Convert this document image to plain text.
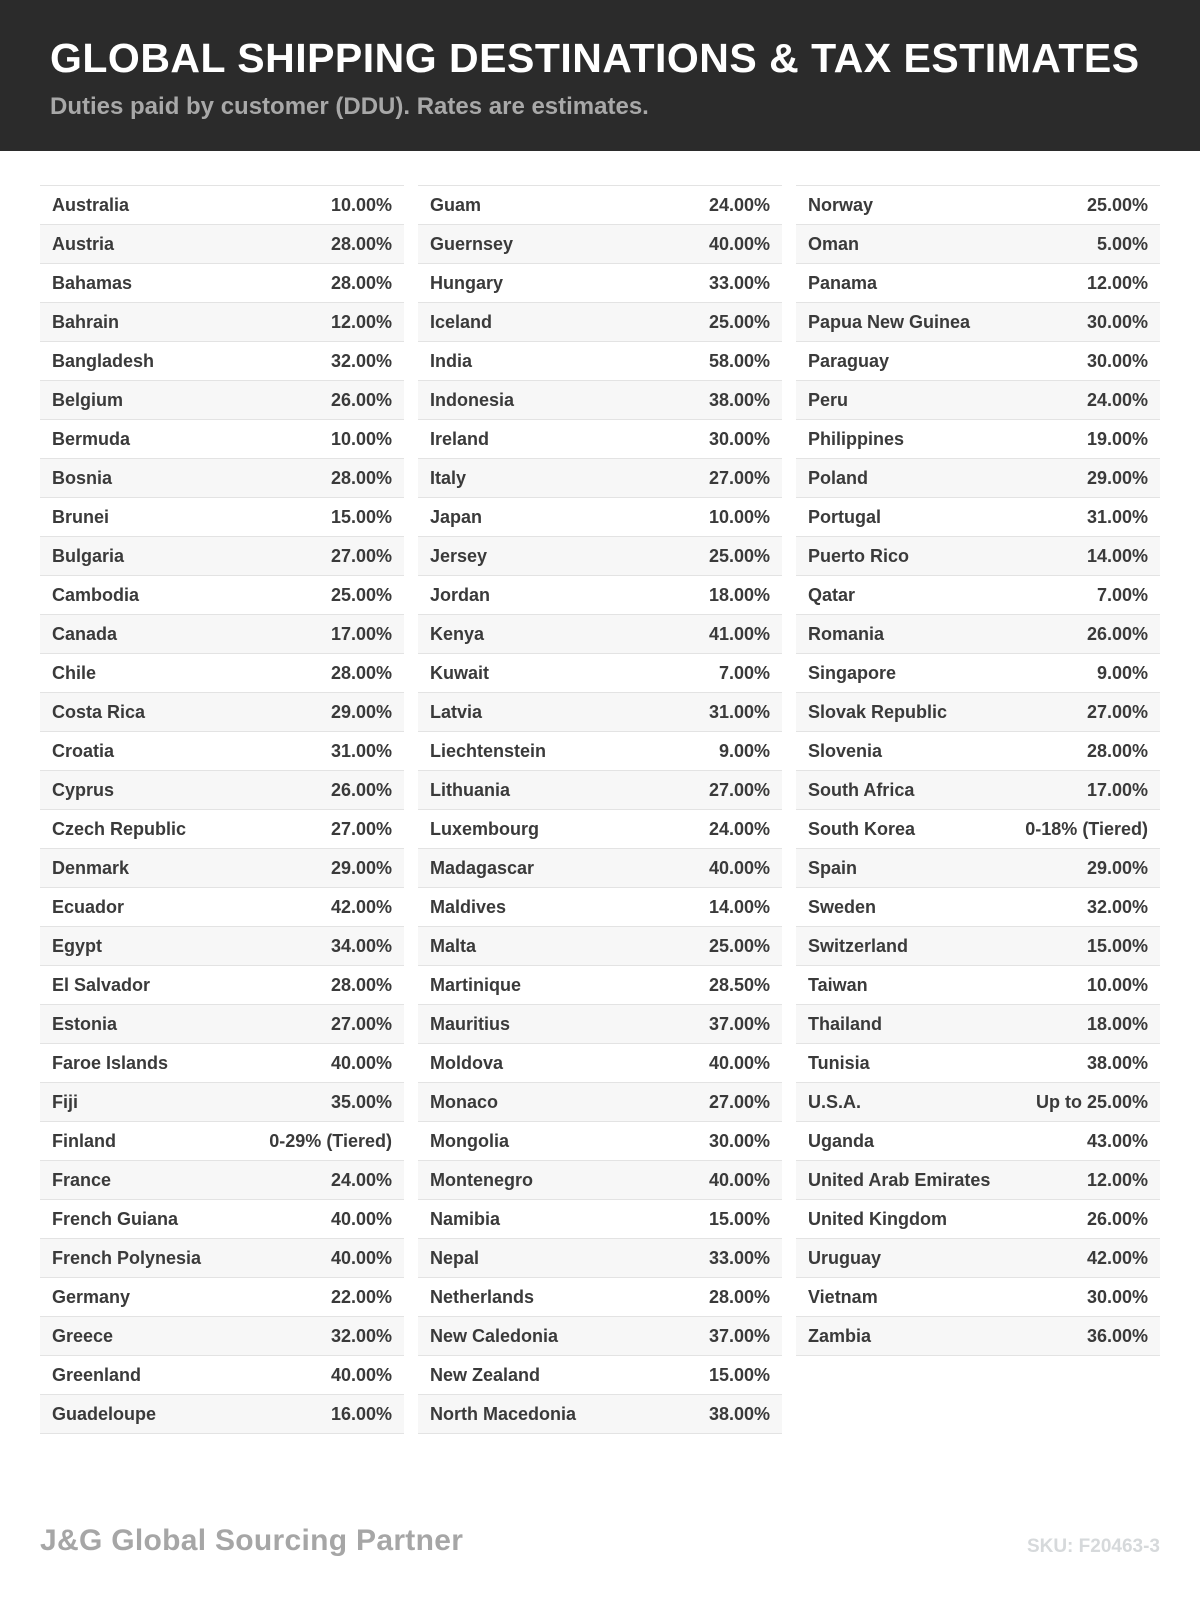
GLOBAL SHIPPING DESTINATIONS & TAX ESTIMATES
Duties paid by customer (DDU). Rates are estimates.
Australia	10.00%
Austria	28.00%
Bahamas	28.00%
Bahrain	12.00%
Bangladesh	32.00%
Belgium	26.00%
Bermuda	10.00%
Bosnia	28.00%
Brunei	15.00%
Bulgaria	27.00%
Cambodia	25.00%
Canada	17.00%
Chile	28.00%
Costa Rica	29.00%
Croatia	31.00%
Cyprus	26.00%
Czech Republic	27.00%
Denmark	29.00%
Ecuador	42.00%
Egypt	34.00%
El Salvador	28.00%
Estonia	27.00%
Faroe Islands	40.00%
Fiji	35.00%
Finland	0-29% (Tiered)
France	24.00%
French Guiana	40.00%
French Polynesia	40.00%
Germany	22.00%
Greece	32.00%
Greenland	40.00%
Guadeloupe	16.00%
Guam	24.00%
Guernsey	40.00%
Hungary	33.00%
Iceland	25.00%
India	58.00%
Indonesia	38.00%
Ireland	30.00%
Italy	27.00%
Japan	10.00%
Jersey	25.00%
Jordan	18.00%
Kenya	41.00%
Kuwait	7.00%
Latvia	31.00%
Liechtenstein	9.00%
Lithuania	27.00%
Luxembourg	24.00%
Madagascar	40.00%
Maldives	14.00%
Malta	25.00%
Martinique	28.50%
Mauritius	37.00%
Moldova	40.00%
Monaco	27.00%
Mongolia	30.00%
Montenegro	40.00%
Namibia	15.00%
Nepal	33.00%
Netherlands	28.00%
New Caledonia	37.00%
New Zealand	15.00%
North Macedonia	38.00%
Norway	25.00%
Oman	5.00%
Panama	12.00%
Papua New Guinea	30.00%
Paraguay	30.00%
Peru	24.00%
Philippines	19.00%
Poland	29.00%
Portugal	31.00%
Puerto Rico	14.00%
Qatar	7.00%
Romania	26.00%
Singapore	9.00%
Slovak Republic	27.00%
Slovenia	28.00%
South Africa	17.00%
South Korea	0-18% (Tiered)
Spain	29.00%
Sweden	32.00%
Switzerland	15.00%
Taiwan	10.00%
Thailand	18.00%
Tunisia	38.00%
U.S.A.	Up to 25.00%
Uganda	43.00%
United Arab Emirates	12.00%
United Kingdom	26.00%
Uruguay	42.00%
Vietnam	30.00%
Zambia	36.00%
J&G Global Sourcing Partner	SKU: F20463-3
